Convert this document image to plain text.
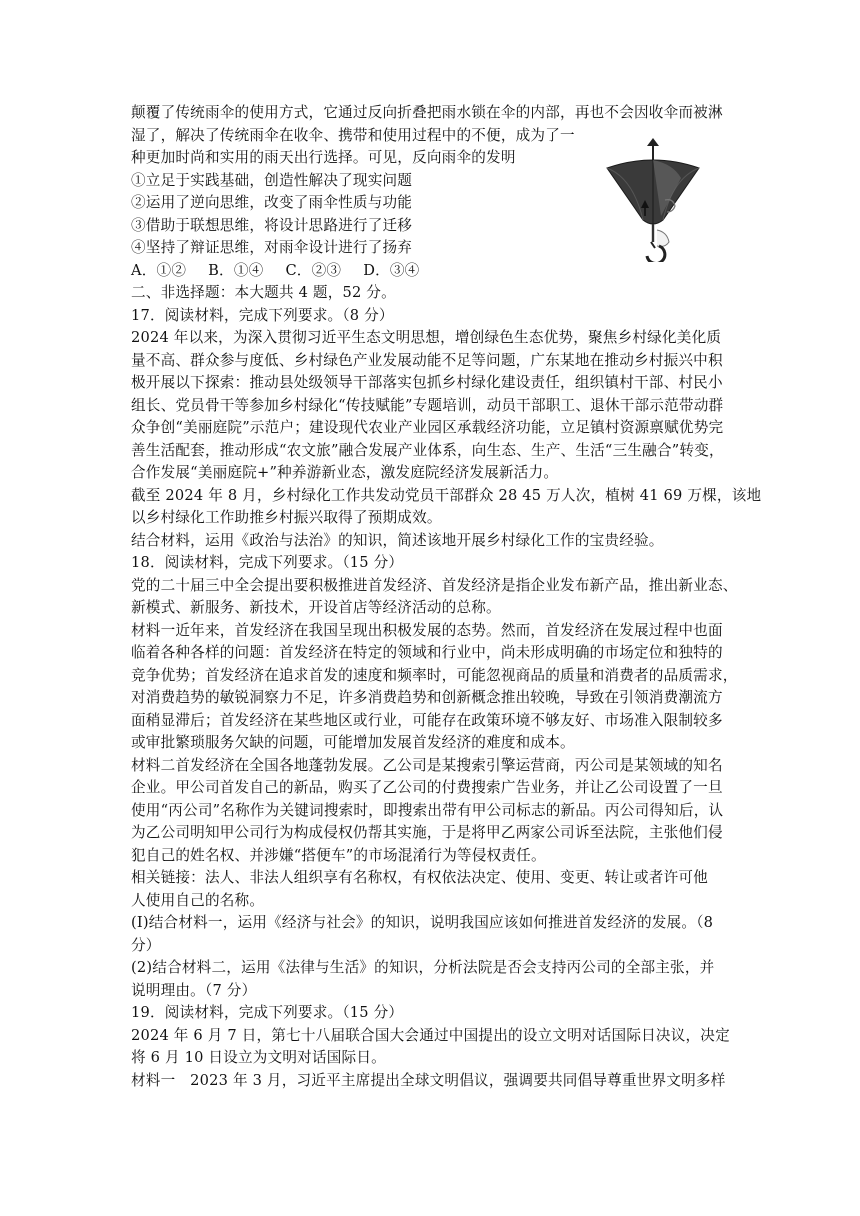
颠覆了传统雨伞的使用方式，它通过反向折叠把雨水锁在伞的内部，再也不会因收伞而被淋
湿了，解决了传统雨伞在收伞、携带和使用过程中的不便，成为了一
种更加时尚和实用的雨天出行选择。可见，反向雨伞的发明
①立足于实践基础，创造性解决了现实问题
②运用了逆向思维，改变了雨伞性质与功能
③借助于联想思维，将设计思路进行了迁移
④坚持了辩证思维，对雨伞设计进行了扬弃
A．①② B．①④ C．②③ D．③④
二、非选择题：本大题共 4 题，52 分。
17．阅读材料，完成下列要求。（8 分）
2024 年以来，为深入贯彻习近平生态文明思想，增创绿色生态优势，聚焦乡村绿化美化质
量不高、群众参与度低、乡村绿色产业发展动能不足等问题，广东某地在推动乡村振兴中积
极开展以下探索：推动县处级领导干部落实包抓乡村绿化建设责任，组织镇村干部、村民小
组长、党员骨干等参加乡村绿化“传技赋能”专题培训，动员干部职工、退休干部示范带动群
众争创“美丽庭院”示范户；建设现代农业产业园区承载经济功能，立足镇村资源禀赋优势完
善生活配套，推动形成“农文旅”融合发展产业体系，向生态、生产、生活“三生融合”转变，
合作发展“美丽庭院+”种养游新业态，激发庭院经济发展新活力。
截至 2024 年 8 月，乡村绿化工作共发动党员干部群众 28 45 万人次，植树 41 69 万棵，该地
以乡村绿化工作助推乡村振兴取得了预期成效。
结合材料，运用《政治与法治》的知识，简述该地开展乡村绿化工作的宝贵经验。
18．阅读材料，完成下列要求。（15 分）
党的二十届三中全会提出要积极推进首发经济、首发经济是指企业发布新产品，推出新业态、
新模式、新服务、新技术，开设首店等经济活动的总称。
材料一近年来，首发经济在我国呈现出积极发展的态势。然而，首发经济在发展过程中也面
临着各种各样的问题：首发经济在特定的领域和行业中，尚未形成明确的市场定位和独特的
竞争优势；首发经济在追求首发的速度和频率时，可能忽视商品的质量和消费者的品质需求，
对消费趋势的敏锐洞察力不足，许多消费趋势和创新概念推出较晚，导致在引领消费潮流方
面稍显滞后；首发经济在某些地区或行业，可能存在政策环境不够友好、市场准入限制较多
或审批繁琐服务欠缺的问题，可能增加发展首发经济的难度和成本。
材料二首发经济在全国各地蓬勃发展。乙公司是某搜索引擎运营商，丙公司是某领域的知名
企业。甲公司首发自己的新品，购买了乙公司的付费搜索广告业务，并让乙公司设置了一旦
使用“丙公司”名称作为关键词搜索时，即搜索出带有甲公司标志的新品。丙公司得知后，认
为乙公司明知甲公司行为构成侵权仍帮其实施，于是将甲乙两家公司诉至法院，主张他们侵
犯自己的姓名权、并涉嫌“搭便车”的市场混淆行为等侵权责任。
相关链接：法人、非法人组织享有名称权，有权依法决定、使用、变更、转让或者许可他
人使用自己的名称。
(I)结合材料一，运用《经济与社会》的知识，说明我国应该如何推进首发经济的发展。（8
分）
(2)结合材料二，运用《法律与生活》的知识，分析法院是否会支持丙公司的全部主张，并
说明理由。（7 分）
19．阅读材料，完成下列要求。（15 分）
2024 年 6 月 7 日，第七十八届联合国大会通过中国提出的设立文明对话国际日决议，决定
将 6 月 10 日设立为文明对话国际日。
材料一　2023 年 3 月，习近平主席提出全球文明倡议，强调要共同倡导尊重世界文明多样
